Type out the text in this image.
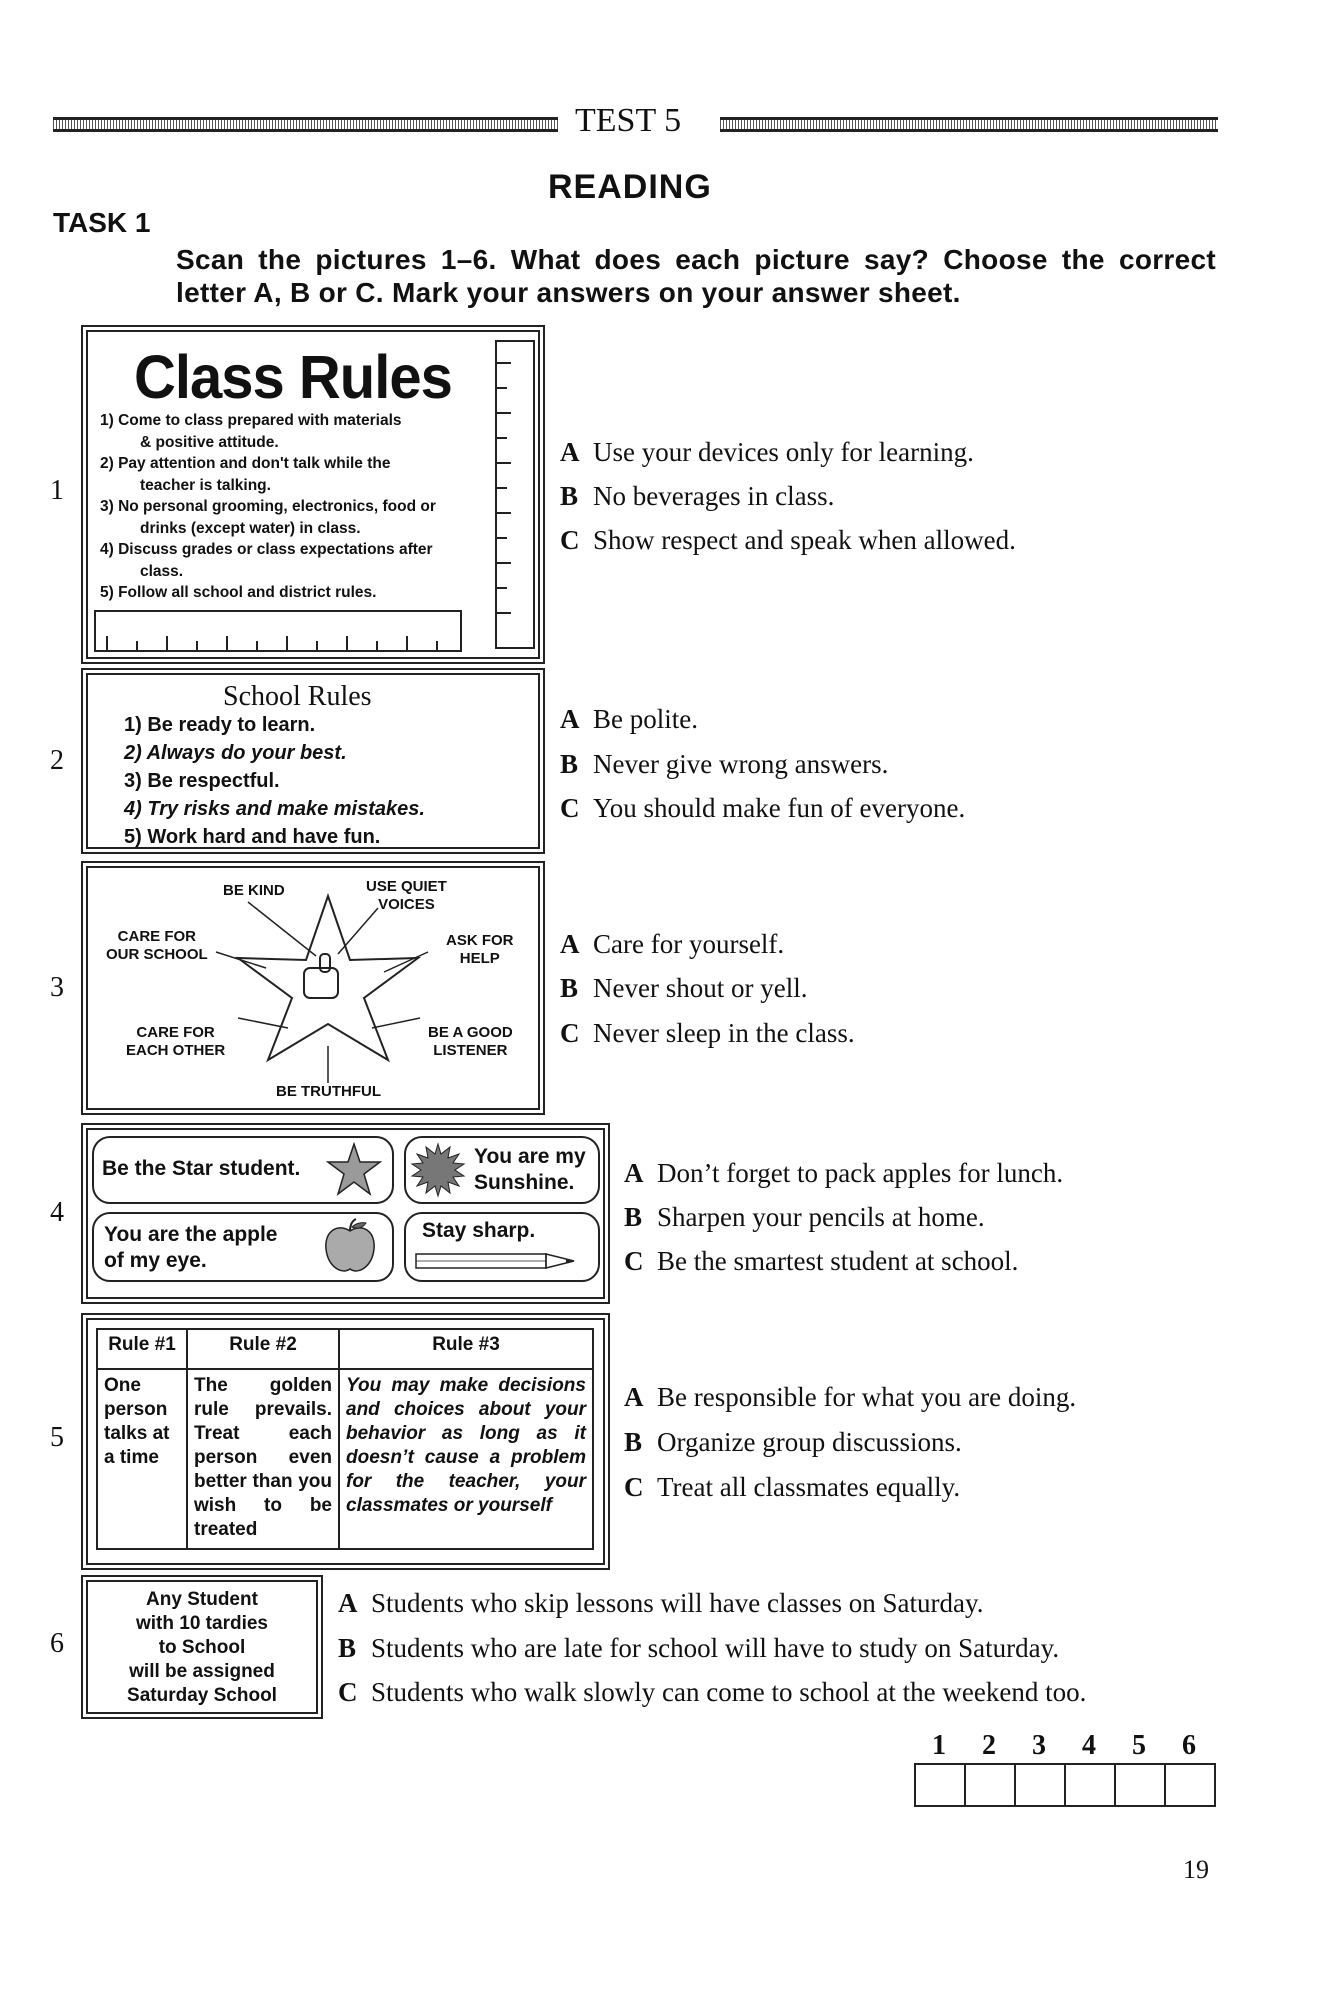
TEST 5
READING
TASK 1
Scan the pictures 1–6. What does each picture say? Choose the correct letter A, B or C. Mark your answers on your answer sheet.
1
Class Rules
1) Come to class prepared with materials
& positive attitude.
2) Pay attention and don't talk while the
teacher is talking.
3) No personal grooming, electronics, food or
drinks (except water) in class.
4) Discuss grades or class expectations after
class.
5) Follow all school and district rules.
A Use your devices only for learning.
B No beverages in class.
C Show respect and speak when allowed.
2
School Rules
1) Be ready to learn.
2) Always do your best.
3) Be respectful.
4) Try risks and make mistakes.
5) Work hard and have fun.
A Be polite.
B Never give wrong answers.
C You should make fun of everyone.
3
BE KIND	USE QUIET
VOICES
CARE FOR
OUR SCHOOL
ASK FOR
HELP
CARE FOR
EACH OTHER
BE A GOOD
LISTENER
BE TRUTHFUL
A Care for yourself.
B Never shout or yell.
C Never sleep in the class.
4
Be the Star student.
You are my
Sunshine.
You are the apple
of my eye.
Stay sharp.
A Don’t forget to pack apples for lunch.
B Sharpen your pencils at home.
C Be the smartest student at school.
5
Rule #1	Rule #2	Rule #3
One person talks at a time	The golden rule prevails. Treat each person even better than you wish to be treated	You may make decisions and choices about your behavior as long as it doesn’t cause a problem for the teacher, your classmates or yourself
A Be responsible for what you are doing.
B Organize group discussions.
C Treat all classmates equally.
6
Any Student
with 10 tardies
to School
will be assigned
Saturday School
A Students who skip lessons will have classes on Saturday.
B Students who are late for school will have to study on Saturday.
C Students who walk slowly can come to school at the weekend too.
1 2 3 4 5 6
19
